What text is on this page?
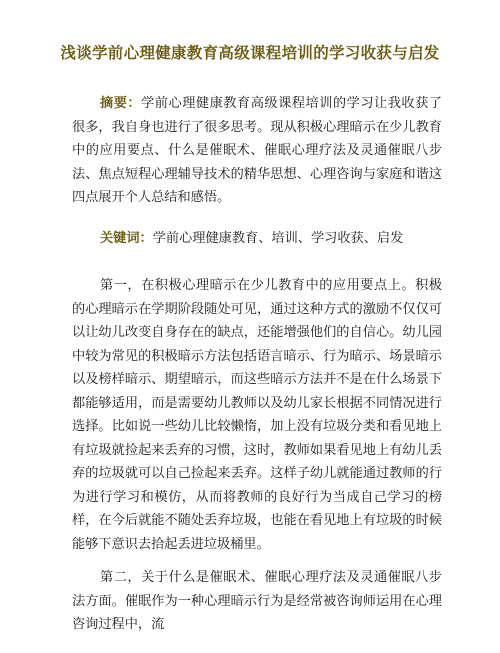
浅谈学前心理健康教育高级课程培训的学习收获与启发
摘要：学前心理健康教育高级课程培训的学习让我收获了很多，我自身也进行了很多思考。现从积极心理暗示在少儿教育中的应用要点、什么是催眠术、催眠心理疗法及灵通催眠八步法、焦点短程心理辅导技术的精华思想、心理咨询与家庭和谐这四点展开个人总结和感悟。
关键词：学前心理健康教育、培训、学习收获、启发
第一，在积极心理暗示在少儿教育中的应用要点上。积极的心理暗示在学期阶段随处可见，通过这种方式的激励不仅仅可以让幼儿改变自身存在的缺点，还能增强他们的自信心。幼儿园中较为常见的积极暗示方法包括语言暗示、行为暗示、场景暗示以及榜样暗示、期望暗示，而这些暗示方法并不是在什么场景下都能够适用，而是需要幼儿教师以及幼儿家长根据不同情况进行选择。比如说一些幼儿比较懒惰，加上没有垃圾分类和看见地上有垃圾就捡起来丢弃的习惯，这时，教师如果看见地上有幼儿丢弃的垃圾就可以自己捡起来丢弃。这样子幼儿就能通过教师的行为进行学习和模仿，从而将教师的良好行为当成自己学习的榜样，在今后就能不随处丢弃垃圾，也能在看见地上有垃圾的时候能够下意识去拾起丢进垃圾桶里。
第二，关于什么是催眠术、催眠心理疗法及灵通催眠八步法方面。催眠作为一种心理暗示行为是经常被咨询师运用在心理咨询过程中，流
